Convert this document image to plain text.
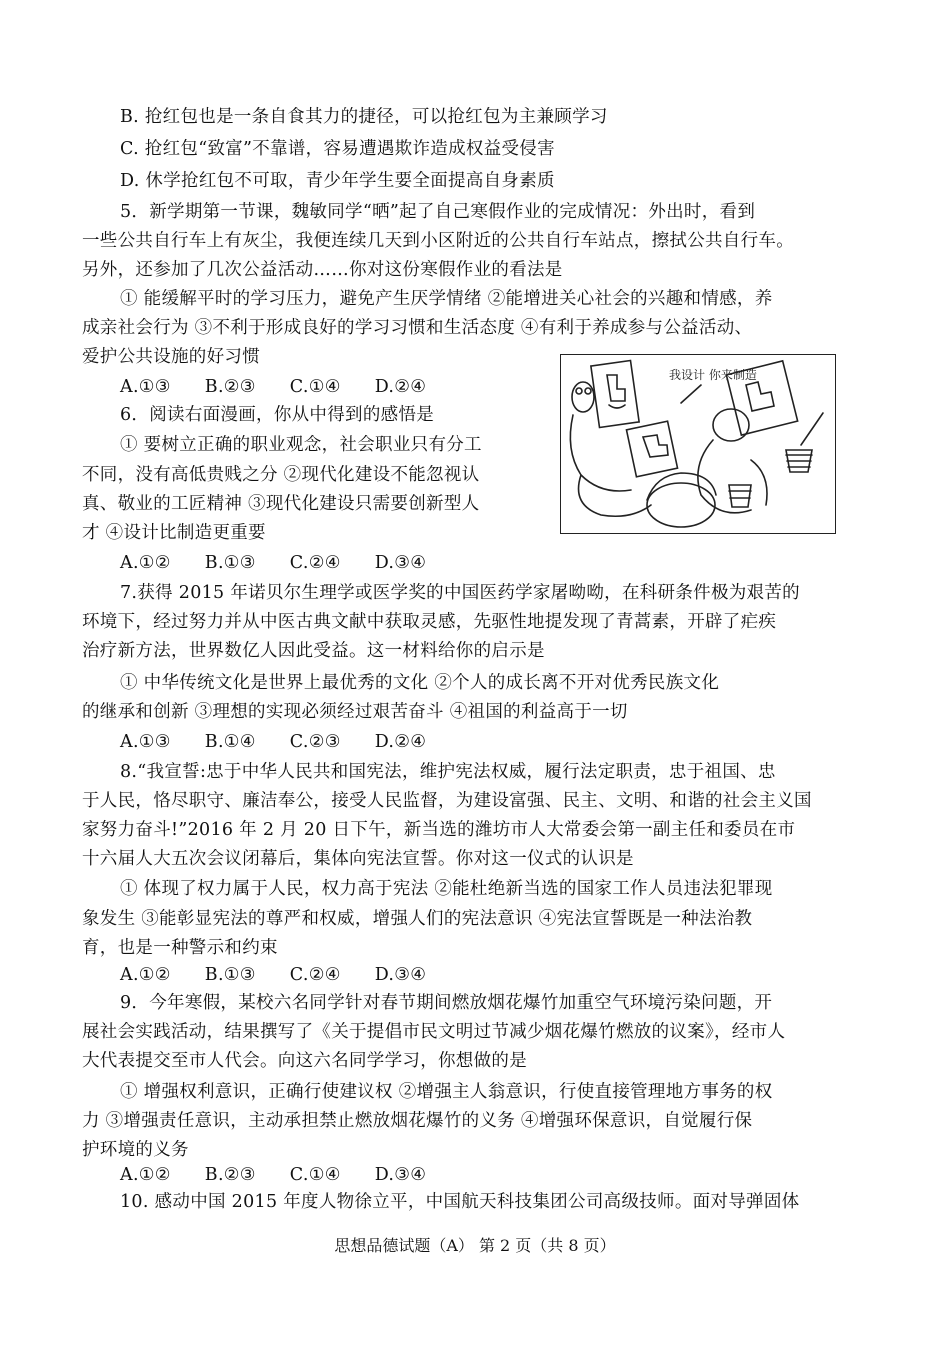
B. 抢红包也是一条自食其力的捷径，可以抢红包为主兼顾学习
C. 抢红包“致富”不靠谱，容易遭遇欺诈造成权益受侵害
D. 休学抢红包不可取，青少年学生要全面提高自身素质
5．新学期第一节课，魏敏同学“晒”起了自己寒假作业的完成情况：外出时，看到
一些公共自行车上有灰尘，我便连续几天到小区附近的公共自行车站点，擦拭公共自行车。
另外，还参加了几次公益活动……你对这份寒假作业的看法是
① 能缓解平时的学习压力，避免产生厌学情绪 ②能增进关心社会的兴趣和情感，养
成亲社会行为 ③不利于形成良好的学习习惯和生活态度 ④有利于养成参与公益活动、
爱护公共设施的好习惯
A.①③ B.②③ C.①④ D.②④
6．阅读右面漫画，你从中得到的感悟是
① 要树立正确的职业观念，社会职业只有分工
不同，没有高低贵贱之分 ②现代化建设不能忽视认
真、敬业的工匠精神 ③现代化建设只需要创新型人
才 ④设计比制造更重要
A.①② B.①③ C.②④ D.③④
我设计 你来制造
7.获得 2015 年诺贝尔生理学或医学奖的中国医药学家屠呦呦，在科研条件极为艰苦的
环境下，经过努力并从中医古典文献中获取灵感，先驱性地提发现了青蒿素，开辟了疟疾
治疗新方法，世界数亿人因此受益。这一材料给你的启示是
① 中华传统文化是世界上最优秀的文化 ②个人的成长离不开对优秀民族文化
的继承和创新 ③理想的实现必须经过艰苦奋斗 ④祖国的利益高于一切
A.①③ B.①④ C.②③ D.②④
8.“我宣誓:忠于中华人民共和国宪法，维护宪法权威，履行法定职责，忠于祖国、忠
于人民，恪尽职守、廉洁奉公，接受人民监督，为建设富强、民主、文明、和谐的社会主义国
家努力奋斗!”2016 年 2 月 20 日下午，新当选的潍坊市人大常委会第一副主任和委员在市
十六届人大五次会议闭幕后，集体向宪法宣誓。你对这一仪式的认识是
① 体现了权力属于人民，权力高于宪法 ②能杜绝新当选的国家工作人员违法犯罪现
象发生 ③能彰显宪法的尊严和权威，增强人们的宪法意识 ④宪法宣誓既是一种法治教
育，也是一种警示和约束
A.①② B.①③ C.②④ D.③④
9．今年寒假，某校六名同学针对春节期间燃放烟花爆竹加重空气环境污染问题，开
展社会实践活动，结果撰写了《关于提倡市民文明过节减少烟花爆竹燃放的议案》，经市人
大代表提交至市人代会。向这六名同学学习，你想做的是
① 增强权利意识，正确行使建议权 ②增强主人翁意识，行使直接管理地方事务的权
力 ③增强责任意识，主动承担禁止燃放烟花爆竹的义务 ④增强环保意识，自觉履行保
护环境的义务
A.①② B.②③ C.①④ D.③④
10. 感动中国 2015 年度人物徐立平，中国航天科技集团公司高级技师。面对导弹固体
思想品德试题（A） 第 2 页（共 8 页）
